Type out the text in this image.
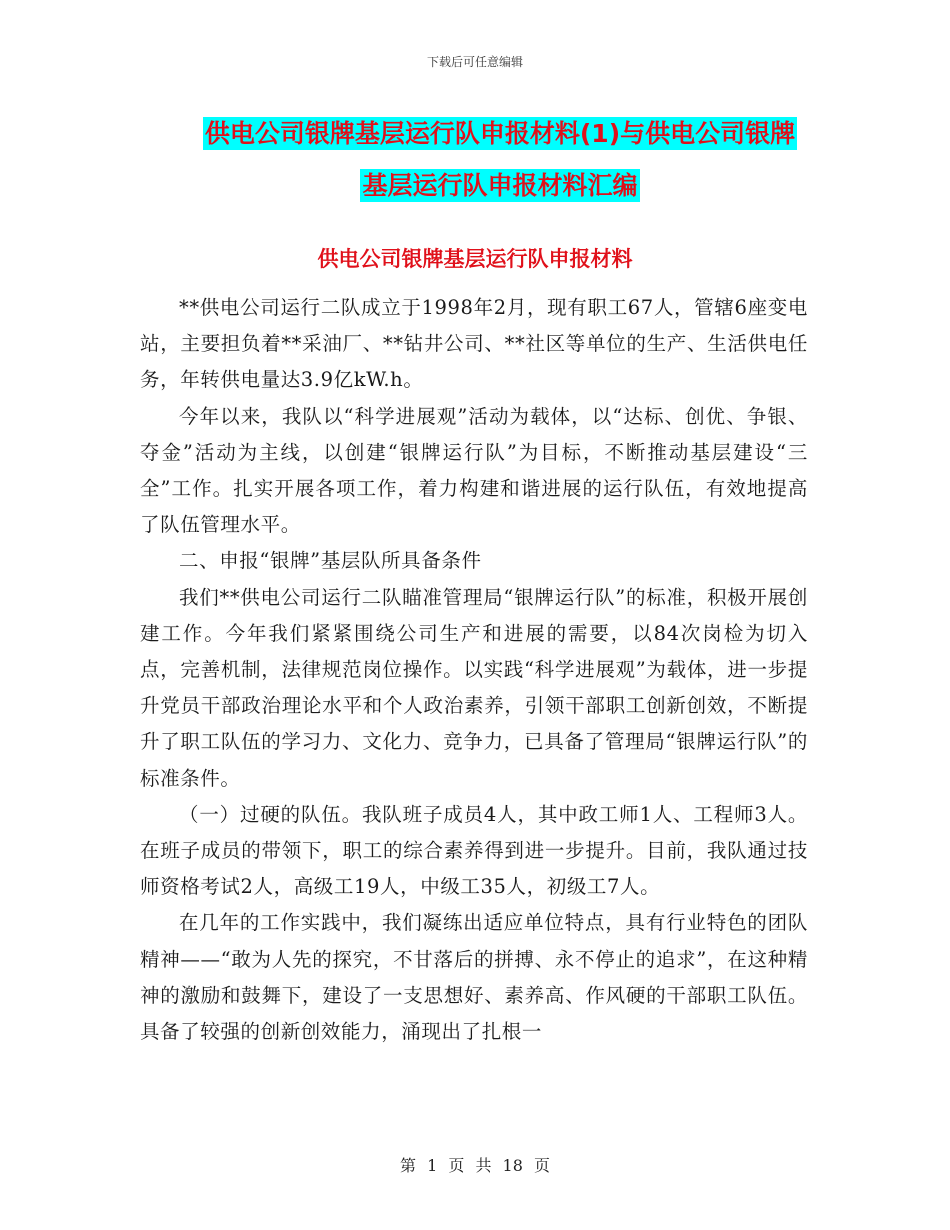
下载后可任意编辑
供电公司银牌基层运行队申报材料(1)与供电公司银牌
基层运行队申报材料汇编
供电公司银牌基层运行队申报材料

**供电公司运行二队成立于1998年2月，现有职工67人，管辖6座变电站，主要担负着**采油厂、**钻井公司、**社区等单位的生产、生活供电任务，年转供电量达3.9亿kW.h。

今年以来，我队以“科学进展观”活动为载体，以“达标、创优、争银、夺金”活动为主线，以创建“银牌运行队”为目标，不断推动基层建设“三全”工作。扎实开展各项工作，着力构建和谐进展的运行队伍，有效地提高了队伍管理水平。

二、申报“银牌”基层队所具备条件

我们**供电公司运行二队瞄准管理局“银牌运行队”的标准，积极开展创建工作。今年我们紧紧围绕公司生产和进展的需要，以84次岗检为切入点，完善机制，法律规范岗位操作。以实践“科学进展观”为载体，进一步提升党员干部政治理论水平和个人政治素养，引领干部职工创新创效，不断提升了职工队伍的学习力、文化力、竞争力，已具备了管理局“银牌运行队”的标准条件。

（一）过硬的队伍。我队班子成员4人，其中政工师1人、工程师3人。在班子成员的带领下，职工的综合素养得到进一步提升。目前，我队通过技师资格考试2人，高级工19人，中级工35人，初级工7人。

在几年的工作实践中，我们凝练出适应单位特点，具有行业特色的团队精神——“敢为人先的探究，不甘落后的拼搏、永不停止的追求”，在这种精神的激励和鼓舞下，建设了一支思想好、素养高、作风硬的干部职工队伍。具备了较强的创新创效能力，涌现出了扎根一

第 1 页 共 18 页
